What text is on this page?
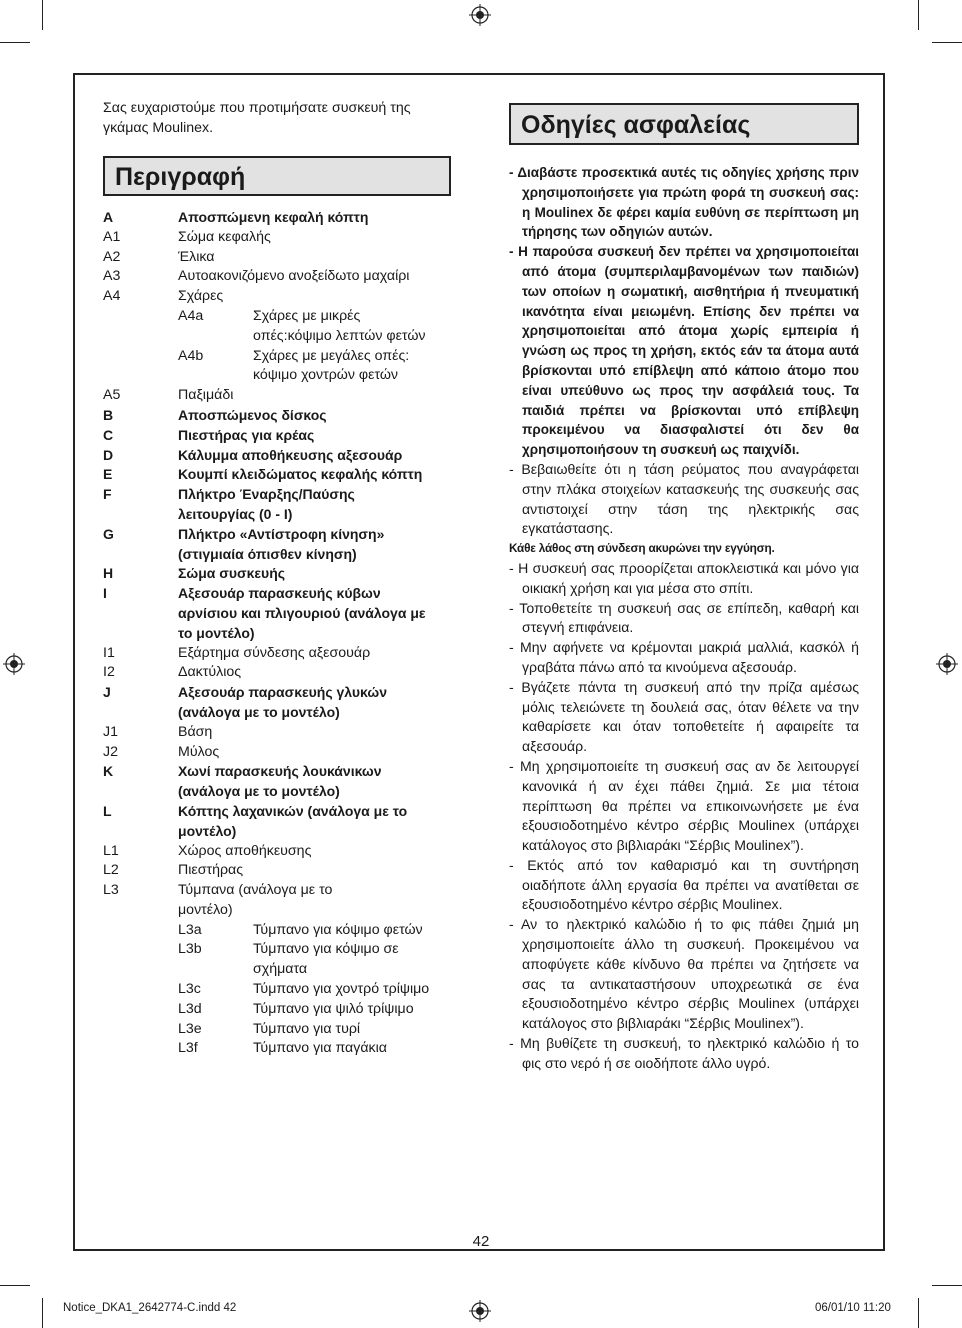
Σας ευχαριστούμε που προτιμήσατε συσκευή της γκάμας Moulinex.
Περιγραφή
Οδηγίες ασφαλείας
A	Αποσπώμενη κεφαλή κόπτη
A1	Σώμα κεφαλής
A2	Έλικα
A3	Αυτοακονιζόμενο ανοξείδωτο μαχαίρι
A4	Σχάρες
A4a	Σχάρες με μικρές οπές:κόψιμο λεπτών φετών
A4b	Σχάρες με μεγάλες οπές: κόψιμο χοντρών φετών
A5	Παξιμάδι
B	Αποσπώμενος δίσκος
C	Πιεστήρας για κρέας
D	Κάλυμμα αποθήκευσης αξεσουάρ
E	Κουμπί κλειδώματος κεφαλής κόπτη
F	Πλήκτρο Έναρξης/Παύσης λειτουργίας (0 - I)
G	Πλήκτρο «Αντίστροφη κίνηση» (στιγμιαία όπισθεν κίνηση)
H	Σώμα συσκευής
I	Αξεσουάρ παρασκευής κύβων αρνίσιου και πλιγουριού (ανάλογα με το μοντέλο)
I1	Εξάρτημα σύνδεσης αξεσουάρ
I2	Δακτύλιος
J	Αξεσουάρ παρασκευής γλυκών (ανάλογα με το μοντέλο)
J1	Βάση
J2	Μύλος
K	Χωνί παρασκευής λουκάνικων (ανάλογα με το μοντέλο)
L	Κόπτης λαχανικών (ανάλογα με το μοντέλο)
L1	Χώρος αποθήκευσης
L2	Πιεστήρας
L3	Τύμπανα (ανάλογα με το μοντέλο)
L3a	Τύμπανο για κόψιμο φετών
L3b	Τύμπανο για κόψιμο σε σχήματα
L3c	Τύμπανο για χοντρό τρίψιμο
L3d	Τύμπανο για ψιλό τρίψιμο
L3e	Τύμπανο για τυρί
L3f	Τύμπανο για παγάκια

- Διαβάστε προσεκτικά αυτές τις οδηγίες χρήσης πριν χρησιμοποιήσετε για πρώτη φορά τη συσκευή σας: η Moulinex δε φέρει καμία ευθύνη σε περίπτωση μη τήρησης των οδηγιών αυτών.

- Η παρούσα συσκευή δεν πρέπει να χρησιμοποιείται από άτομα (συμπεριλαμβανομένων των παιδιών) των οποίων η σωματική, αισθητήρια ή πνευματική ικανότητα είναι μειωμένη. Επίσης δεν πρέπει να χρησιμοποιείται από άτομα χωρίς εμπειρία ή γνώση ως προς τη χρήση, εκτός εάν τα άτομα αυτά βρίσκονται υπό επίβλεψη από κάποιο άτομο που είναι υπεύθυνο ως προς την ασφάλειά τους. Τα παιδιά πρέπει να βρίσκονται υπό επίβλεψη προκειμένου να διασφαλιστεί ότι δεν θα χρησιμοποιήσουν τη συσκευή ως παιχνίδι.

- Βεβαιωθείτε ότι η τάση ρεύματος που αναγράφεται στην πλάκα στοιχείων κατασκευής της συσκευής σας αντιστοιχεί στην τάση της ηλεκτρικής σας εγκατάστασης.

Κάθε λάθος στη σύνδεση ακυρώνει την εγγύηση.

- Η συσκευή σας προορίζεται αποκλειστικά και μόνο για οικιακή χρήση και για μέσα στο σπίτι.

- Τοποθετείτε τη συσκευή σας σε επίπεδη, καθαρή και στεγνή επιφάνεια.

- Μην αφήνετε να κρέμονται μακριά μαλλιά, κασκόλ ή γραβάτα πάνω από τα κινούμενα αξεσουάρ.

- Βγάζετε πάντα τη συσκευή από την πρίζα αμέσως μόλις τελειώνετε τη δουλειά σας, όταν θέλετε να την καθαρίσετε και όταν τοποθετείτε ή αφαιρείτε τα αξεσουάρ.

- Μη χρησιμοποιείτε τη συσκευή σας αν δε λειτουργεί κανονικά ή αν έχει πάθει ζημιά. Σε μια τέτοια περίπτωση θα πρέπει να επικοινωνήσετε με ένα εξουσιοδοτημένο κέντρο σέρβις Moulinex (υπάρχει κατάλογος στο βιβλιαράκι “Σέρβις Moulinex”).

- Εκτός από τον καθαρισμό και τη συντήρηση οιαδήποτε άλλη εργασία θα πρέπει να ανατίθεται σε εξουσιοδοτημένο κέντρο σέρβις Moulinex.

- Αν το ηλεκτρικό καλώδιο ή το φις πάθει ζημιά μη χρησιμοποιείτε άλλο τη συσκευή. Προκειμένου να αποφύγετε κάθε κίνδυνο θα πρέπει να ζητήσετε να σας τα αντικαταστήσουν υποχρεωτικά σε ένα εξουσιοδοτημένο κέντρο σέρβις Moulinex (υπάρχει κατάλογος στο βιβλιαράκι “Σέρβις Moulinex”).

- Μη βυθίζετε τη συσκευή, το ηλεκτρικό καλώδιο ή το φις στο νερό ή σε οιοδήποτε άλλο υγρό.

42
Notice_DKA1_2642774-C.indd 42	06/01/10 11:20
